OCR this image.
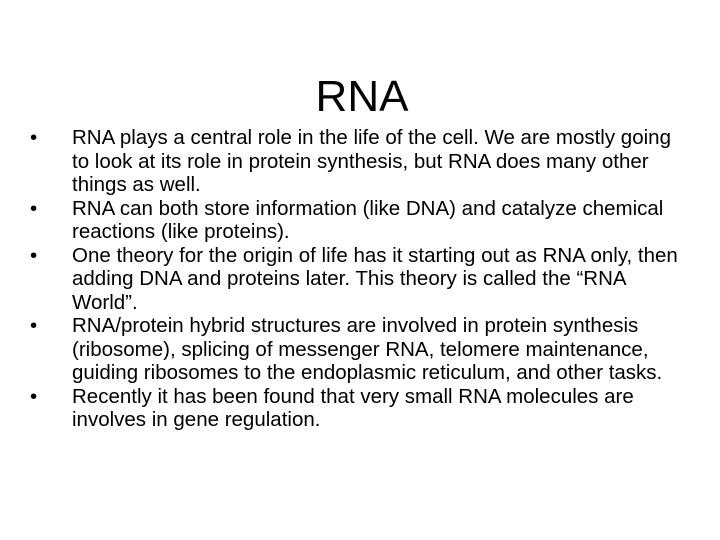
RNA
•	RNA plays a central role in the life of the cell. We are mostly going to look at its role in protein synthesis, but RNA does many other things as well.
•	RNA can both store information (like DNA) and catalyze chemical reactions (like proteins).
•	One theory for the origin of life has it starting out as RNA only, then adding DNA and proteins later. This theory is called the “RNA World”.
•	RNA/protein hybrid structures are involved in protein synthesis (ribosome), splicing of messenger RNA, telomere maintenance, guiding ribosomes to the endoplasmic reticulum, and other tasks.
•	Recently it has been found that very small RNA molecules are involves in gene regulation.
